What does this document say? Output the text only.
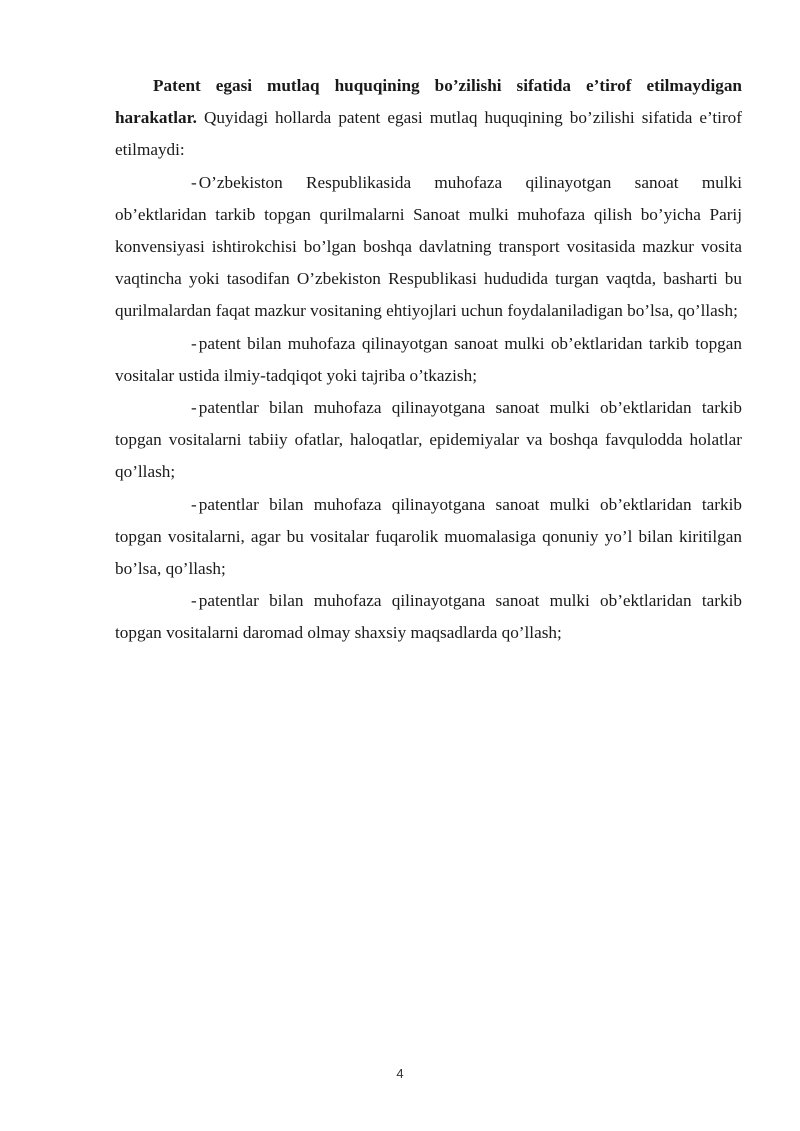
Patent egasi mutlaq huquqining bo’zilishi sifatida e’tirof etilmaydigan harakatlar. Quyidagi hollarda patent egasi mutlaq huquqining bo’zilishi sifatida e’tirof etilmaydi:

- O’zbekiston Respublikasida muhofaza qilinayotgan sanoat mulki ob’ektlaridan tarkib topgan qurilmalarni Sanoat mulki muhofaza qilish bo’yicha Parij konvensiyasi ishtirokchisi bo’lgan boshqa davlatning transport vositasida mazkur vosita vaqtincha yoki tasodifan O’zbekiston Respublikasi hududida turgan vaqtda, basharti bu qurilmalardan faqat mazkur vositaning ehtiyojlari uchun foydalaniladigan bo’lsa, qo’llash;

- patent bilan muhofaza qilinayotgan sanoat mulki ob’ektlaridan tarkib topgan vositalar ustida ilmiy-tadqiqot yoki tajriba o’tkazish;

- patentlar bilan muhofaza qilinayotgana sanoat mulki ob’ektlaridan tarkib topgan vositalarni tabiiy ofatlar, haloqatlar, epidemiyalar va boshqa favqulodda holatlar qo’llash;

- patentlar bilan muhofaza qilinayotgana sanoat mulki ob’ektlaridan tarkib topgan vositalarni, agar bu vositalar fuqarolik muomalasiga qonuniy yo’l bilan kiritilgan bo’lsa, qo’llash;

- patentlar bilan muhofaza qilinayotgana sanoat mulki ob’ektlaridan tarkib topgan vositalarni daromad olmay shaxsiy maqsadlarda qo’llash;

4
